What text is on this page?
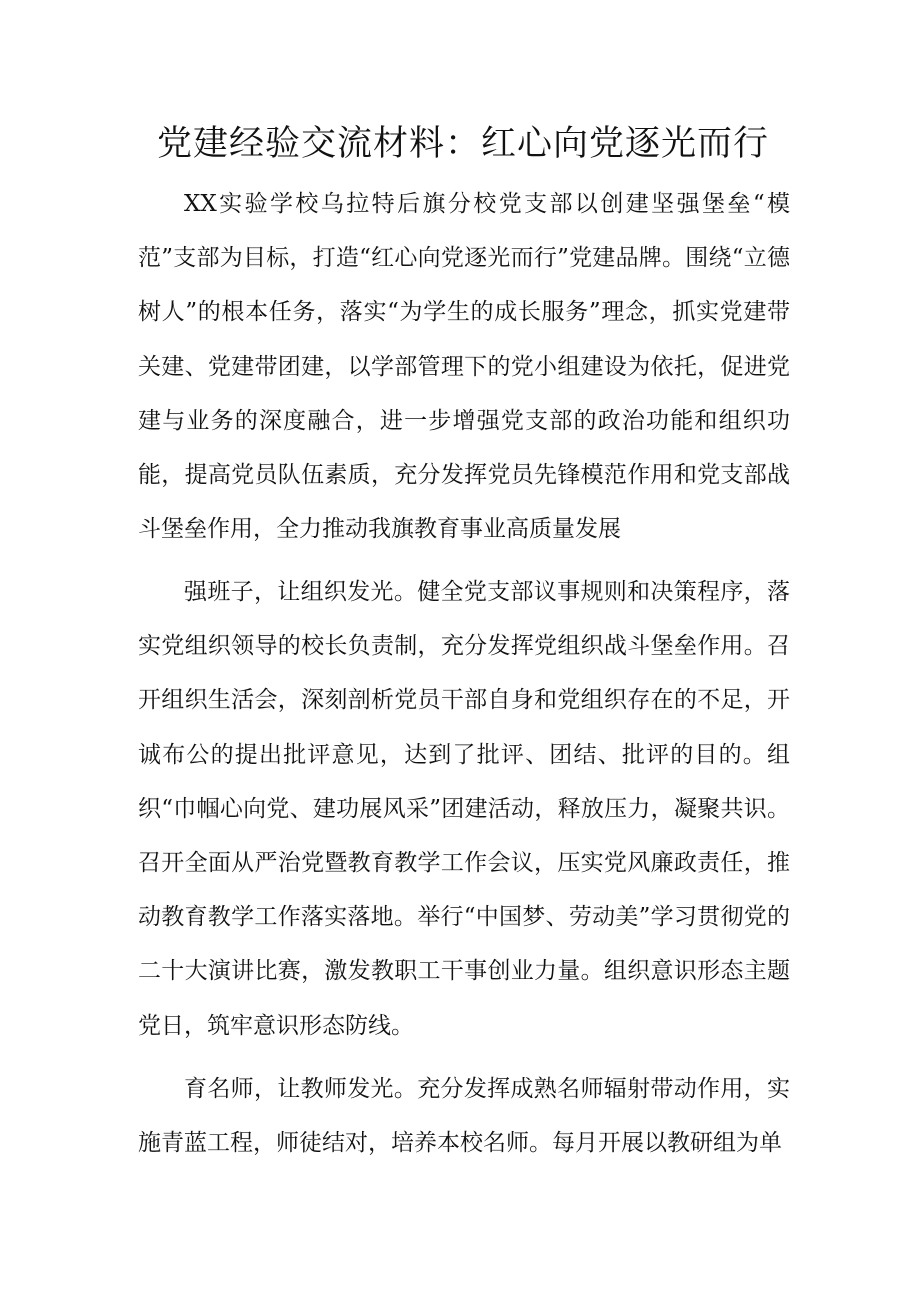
党建经验交流材料：红心向党逐光而行

XX实验学校乌拉特后旗分校党支部以创建坚强堡垒“模范”支部为目标，打造“红心向党逐光而行”党建品牌。围绕“立德树人”的根本任务，落实“为学生的成长服务”理念，抓实党建带关建、党建带团建，以学部管理下的党小组建设为依托，促进党建与业务的深度融合，进一步增强党支部的政治功能和组织功能，提高党员队伍素质，充分发挥党员先锋模范作用和党支部战斗堡垒作用，全力推动我旗教育事业高质量发展

强班子，让组织发光。健全党支部议事规则和决策程序，落实党组织领导的校长负责制，充分发挥党组织战斗堡垒作用。召开组织生活会，深刻剖析党员干部自身和党组织存在的不足，开诚布公的提出批评意见，达到了批评、团结、批评的目的。组织“巾帼心向党、建功展风采”团建活动，释放压力，凝聚共识。召开全面从严治党暨教育教学工作会议，压实党风廉政责任，推动教育教学工作落实落地。举行“中国梦、劳动美”学习贯彻党的二十大演讲比赛，激发教职工干事创业力量。组织意识形态主题党日，筑牢意识形态防线。

育名师，让教师发光。充分发挥成熟名师辐射带动作用，实施青蓝工程，师徒结对，培养本校名师。每月开展以教研组为单
